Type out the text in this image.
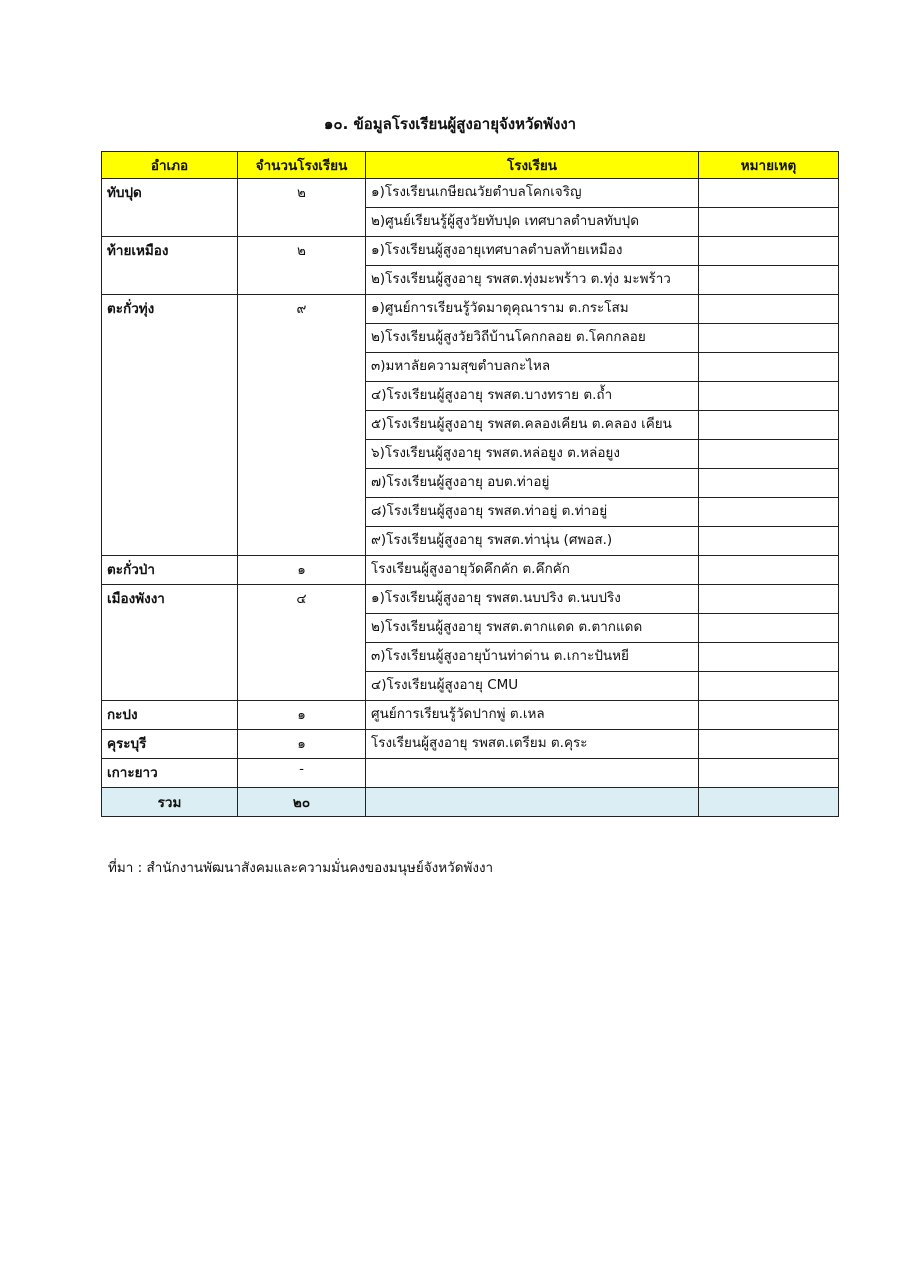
๑๐. ข้อมูลโรงเรียนผู้สูงอายุจังหวัดพังงา
อำเภอ	จำนวนโรงเรียน	โรงเรียน	หมายเหตุ
ทับปุด	๒	๑)โรงเรียนเกษียณวัยตำบลโคกเจริญ	
		๒)ศูนย์เรียนรู้ผู้สูงวัยทับปุด เทศบาลตำบลทับปุด	
ท้ายเหมือง	๒	๑)โรงเรียนผู้สูงอายุเทศบาลตำบลท้ายเหมือง	
		๒)โรงเรียนผู้สูงอายุ รพสต.ทุ่งมะพร้าว ต.ทุ่ง มะพร้าว	
ตะกั่วทุ่ง	๙	๑)ศูนย์การเรียนรู้วัดมาตุคุณาราม ต.กระโสม	
		๒)โรงเรียนผู้สูงวัยวิถีบ้านโคกกลอย ต.โคกกลอย	
		๓)มหาลัยความสุขตำบลกะไหล	
		๔)โรงเรียนผู้สูงอายุ รพสต.บางทราย ต.ถ้ำ	
		๕)โรงเรียนผู้สูงอายุ รพสต.คลองเคียน ต.คลอง เคียน	
		๖)โรงเรียนผู้สูงอายุ รพสต.หล่อยูง ต.หล่อยูง	
		๗)โรงเรียนผู้สูงอายุ อบต.ท่าอยู่	
		๘)โรงเรียนผู้สูงอายุ รพสต.ท่าอยู่ ต.ท่าอยู่	
		๙)โรงเรียนผู้สูงอายุ รพสต.ท่านุ่น (ศพอส.)	
ตะกั่วป่า	๑	โรงเรียนผู้สูงอายุวัดคึกคัก ต.คึกคัก	
เมืองพังงา	๔	๑)โรงเรียนผู้สูงอายุ รพสต.นบปริง ต.นบปริง	
		๒)โรงเรียนผู้สูงอายุ รพสต.ตากแดด ต.ตากแดด	
		๓)โรงเรียนผู้สูงอายุบ้านท่าด่าน ต.เกาะปันหยี	
		๔)โรงเรียนผู้สูงอายุ CMU	
กะปง	๑	ศูนย์การเรียนรู้วัดปากพู่ ต.เหล	
คุระบุรี	๑	โรงเรียนผู้สูงอายุ รพสต.เตรียม ต.คุระ	
เกาะยาว	-		
รวม	๒๐		
ที่มา : สำนักงานพัฒนาสังคมและความมั่นคงของมนุษย์จังหวัดพังงา
